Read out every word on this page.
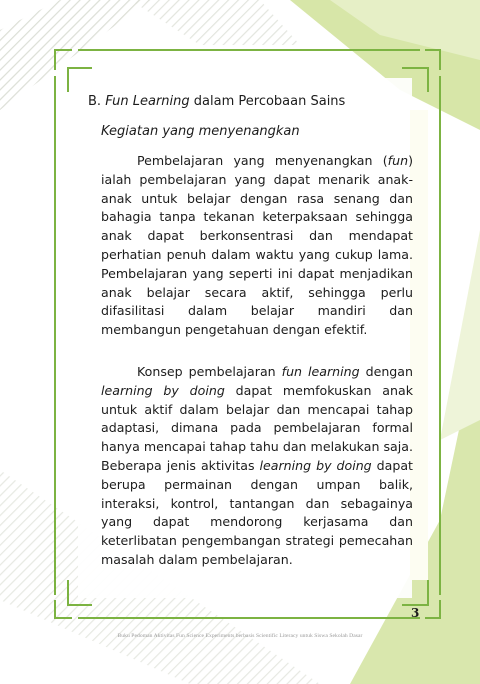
B. Fun Learning dalam Percobaan Sains

Kegiatan yang menyenangkan

Pembelajaran yang menyenangkan (fun) ialah pembelajaran yang dapat menarik anak-anak untuk belajar dengan rasa senang dan bahagia tanpa tekanan keterpaksaan sehingga anak dapat berkonsentrasi dan mendapat perhatian penuh dalam waktu yang cukup lama. Pembelajaran yang seperti ini dapat menjadikan anak belajar secara aktif, sehingga perlu difasilitasi dalam belajar mandiri dan membangun pengetahuan dengan efektif.

Konsep pembelajaran fun learning dengan learning by doing dapat memfokuskan anak untuk aktif dalam belajar dan mencapai tahap adaptasi, dimana pada pembelajaran formal hanya mencapai tahap tahu dan melakukan saja. Beberapa jenis aktivitas learning by doing dapat berupa permainan dengan umpan balik, interaksi, kontrol, tantangan dan sebagainya yang dapat mendorong kerjasama dan keterlibatan pengembangan strategi pemecahan masalah dalam pembelajaran.

3
Buku Pedoman Aktivitas Fun Science Experiments berbasis Scientific Literacy untuk Siswa Sekolah Dasar
